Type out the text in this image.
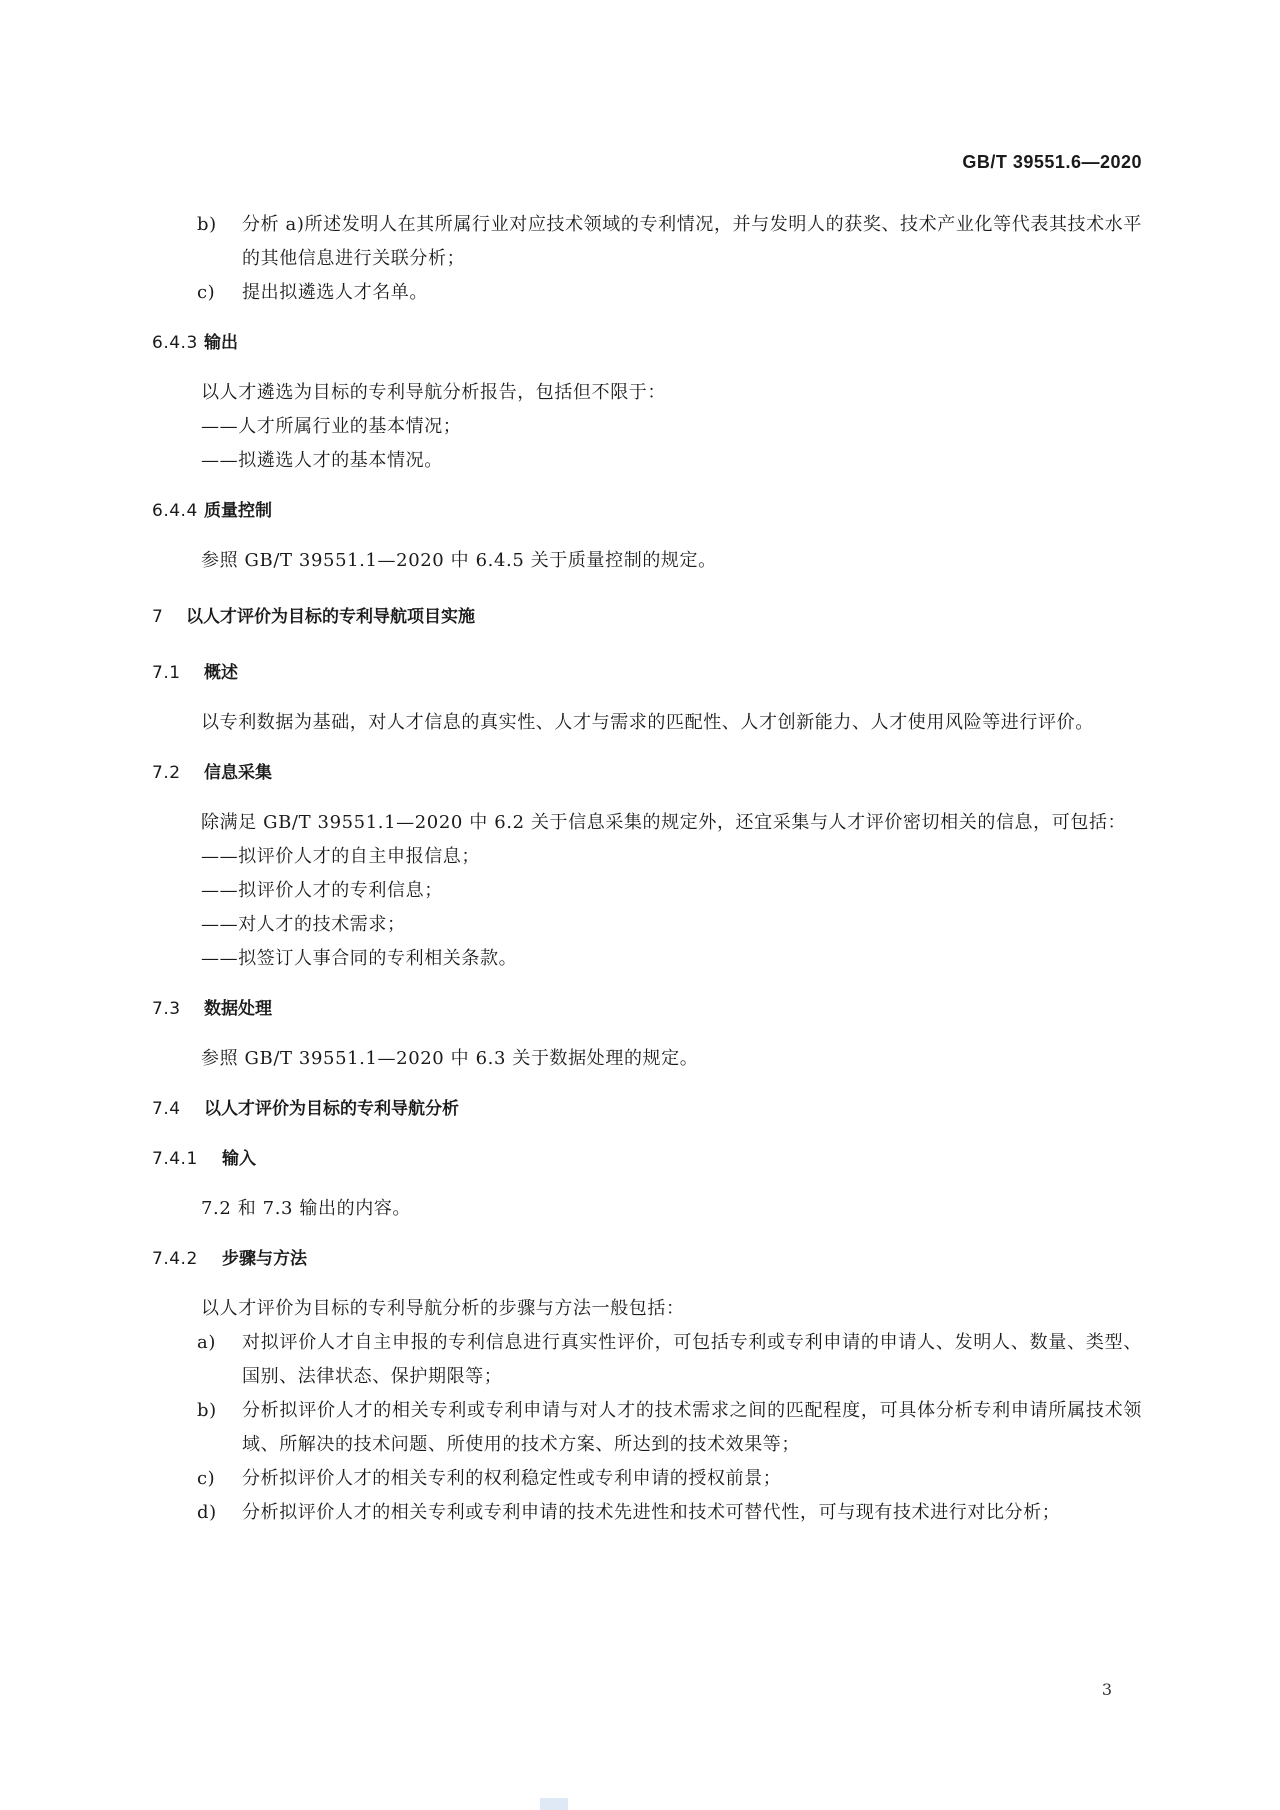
GB/T 39551.6—2020
b) 分析 a)所述发明人在其所属行业对应技术领域的专利情况，并与发明人的获奖、技术产业化等代表其技术水平的其他信息进行关联分析；
c) 提出拟遴选人才名单。
6.4.3 输出

以人才遴选为目标的专利导航分析报告，包括但不限于：

——人才所属行业的基本情况；
——拟遴选人才的基本情况。
6.4.4 质量控制

参照 GB/T 39551.1—2020 中 6.4.5 关于质量控制的规定。

7 以人才评价为目标的专利导航项目实施
7.1 概述

以专利数据为基础，对人才信息的真实性、人才与需求的匹配性、人才创新能力、人才使用风险等进行评价。

7.2 信息采集

除满足 GB/T 39551.1—2020 中 6.2 关于信息采集的规定外，还宜采集与人才评价密切相关的信息，可包括：

——拟评价人才的自主申报信息；
——拟评价人才的专利信息；
——对人才的技术需求；
——拟签订人事合同的专利相关条款。
7.3 数据处理

参照 GB/T 39551.1—2020 中 6.3 关于数据处理的规定。

7.4 以人才评价为目标的专利导航分析
7.4.1 输入

7.2 和 7.3 输出的内容。

7.4.2 步骤与方法

以人才评价为目标的专利导航分析的步骤与方法一般包括：

a) 对拟评价人才自主申报的专利信息进行真实性评价，可包括专利或专利申请的申请人、发明人、数量、类型、国别、法律状态、保护期限等；
b) 分析拟评价人才的相关专利或专利申请与对人才的技术需求之间的匹配程度，可具体分析专利申请所属技术领域、所解决的技术问题、所使用的技术方案、所达到的技术效果等；
c) 分析拟评价人才的相关专利的权利稳定性或专利申请的授权前景；
d) 分析拟评价人才的相关专利或专利申请的技术先进性和技术可替代性，可与现有技术进行对比分析；
3
